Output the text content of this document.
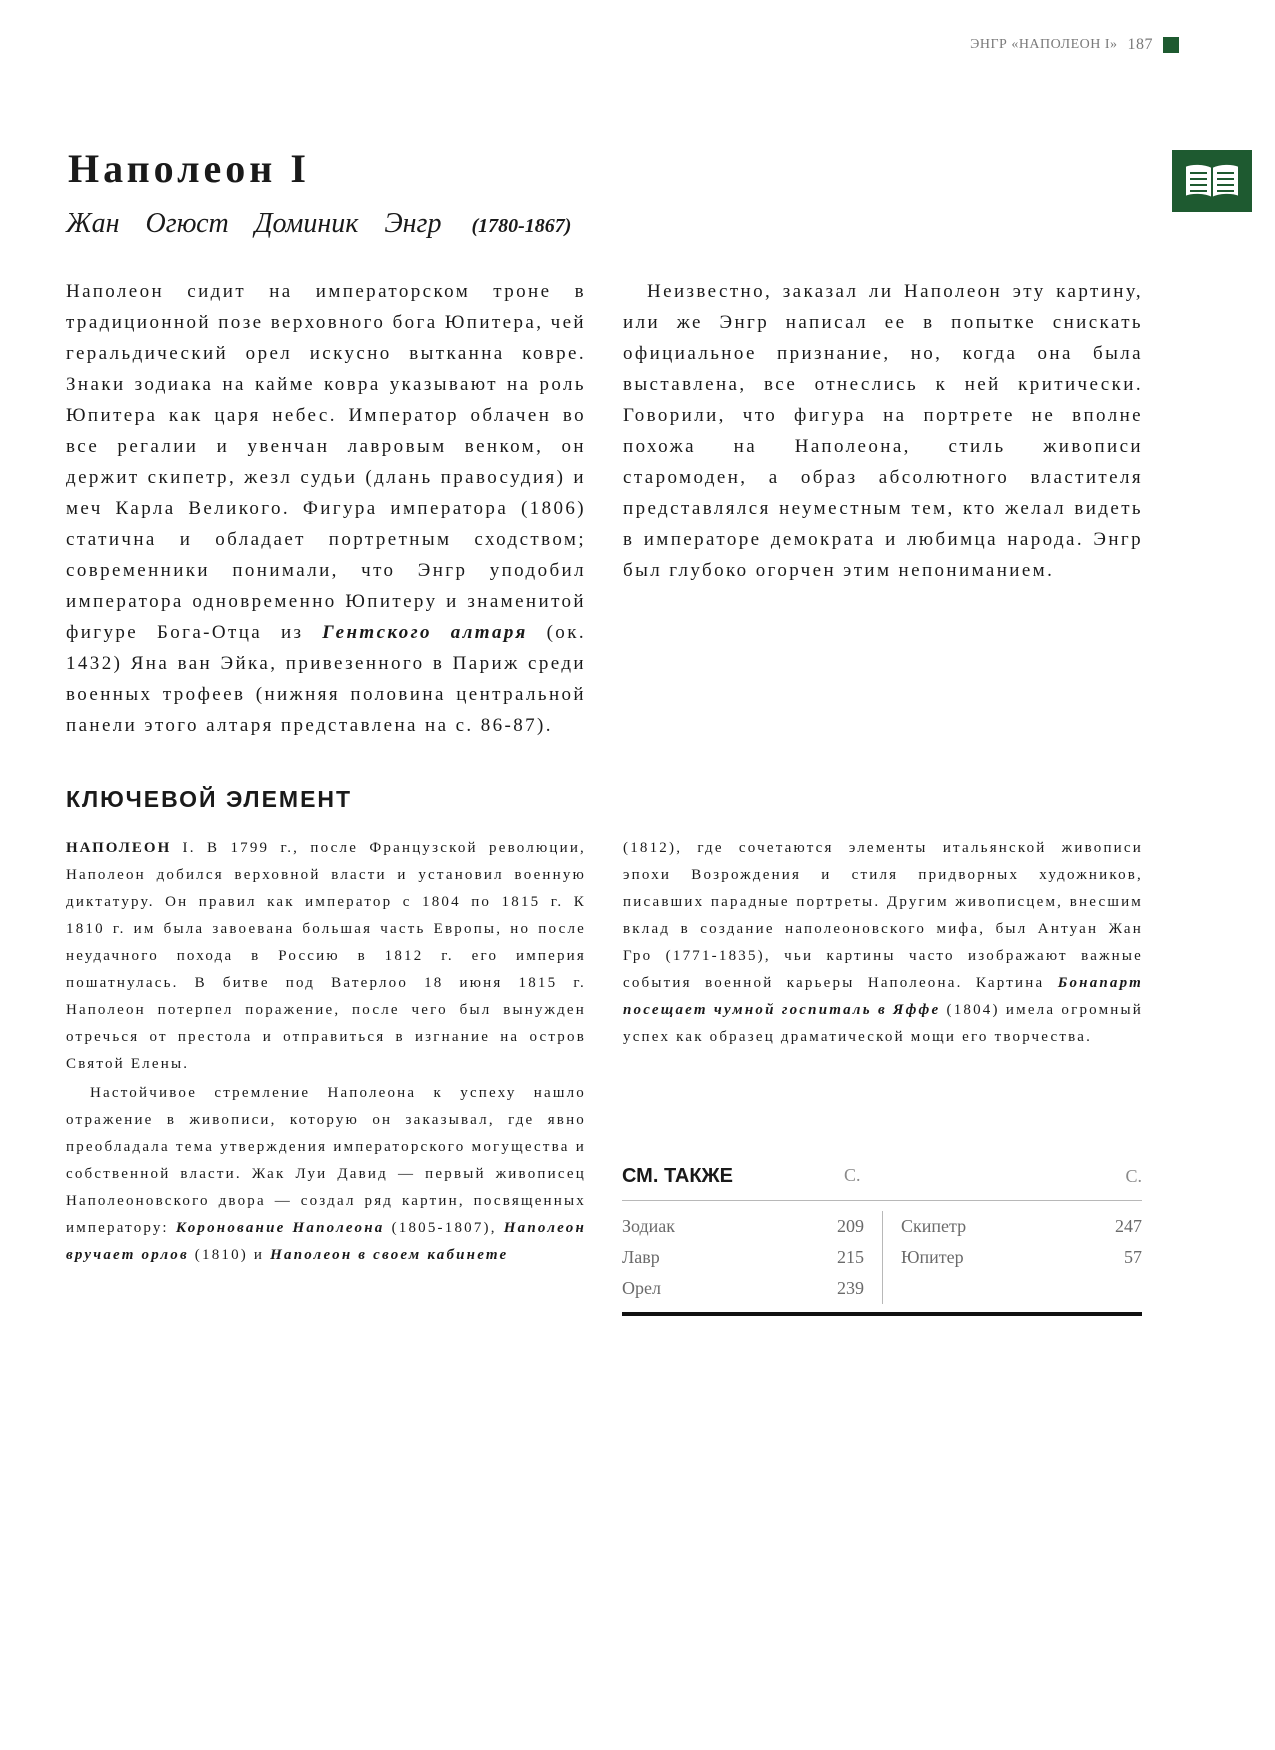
ЭНГР «НАПОЛЕОН I» 187
Наполеон I
Жан Огюст Доминик Энгр (1780-1867)

Наполеон сидит на императорском троне в традиционной позе верховного бога Юпитера, чей геральдический орел искусно вытканна ковре. Знаки зодиака на кайме ковра указывают на роль Юпитера как царя небес. Император облачен во все регалии и увенчан лавровым венком, он держит скипетр, жезл судьи (длань правосудия) и меч Карла Великого. Фигура императора (1806) статична и обладает портретным сходством; современники понимали, что Энгр уподобил императора одновременно Юпитеру и знаменитой фигуре Бога-Отца из Гентского алтаря (ок. 1432) Яна ван Эйка, привезенного в Париж среди военных трофеев (нижняя половина центральной панели этого алтаря представлена на с. 86-87).

Неизвестно, заказал ли Наполеон эту картину, или же Энгр написал ее в попытке снискать официальное признание, но, когда она была выставлена, все отнеслись к ней критически. Говорили, что фигура на портрете не вполне похожа на Наполеона, стиль живописи старомоден, а образ абсолютного властителя представлялся неуместным тем, кто желал видеть в императоре демократа и любимца народа. Энгр был глубоко огорчен этим непониманием.

КЛЮЧЕВОЙ ЭЛЕМЕНТ

НАПОЛЕОН I. В 1799 г., после Французской революции, Наполеон добился верховной власти и установил военную диктатуру. Он правил как император с 1804 по 1815 г. К 1810 г. им была завоевана большая часть Европы, но после неудачного похода в Россию в 1812 г. его империя пошатнулась. В битве под Ватерлоо 18 июня 1815 г. Наполеон потерпел поражение, после чего был вынужден отречься от престола и отправиться в изгнание на остров Святой Елены.

Настойчивое стремление Наполеона к успеху нашло отражение в живописи, которую он заказывал, где явно преобладала тема утверждения императорского могущества и собственной власти. Жак Луи Давид — первый живописец Наполеоновского двора — создал ряд картин, посвященных императору: Коронование Наполеона (1805-1807), Наполеон вручает орлов (1810) и Наполеон в своем кабинете

(1812), где сочетаются элементы итальянской живописи эпохи Возрождения и стиля придворных художников, писавших парадные портреты. Другим живописцем, внесшим вклад в создание наполеоновского мифа, был Антуан Жан Гро (1771-1835), чьи картины часто изображают важные события военной карьеры Наполеона. Картина Бонапарт посещает чумной госпиталь в Яффе (1804) имела огромный успех как образец драматической мощи его творчества.

СМ. ТАКЖЕ	С.	С.
Зодиак	209
Лавр	215
Орел	239
Скипетр	247
Юпитер	57
